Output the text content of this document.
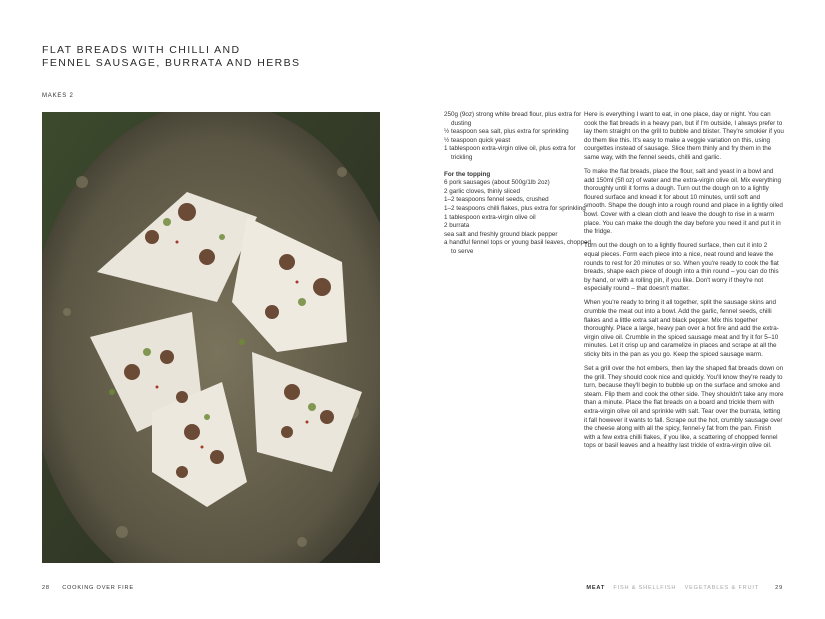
FLAT BREADS WITH CHILLI AND
FENNEL SAUSAGE, BURRATA AND HERBS
MAKES 2
250g (9oz) strong white bread flour, plus extra for dusting
½ teaspoon sea salt, plus extra for sprinkling
½ teaspoon quick yeast
1 tablespoon extra-virgin olive oil, plus extra for trickling
For the topping
6 pork sausages (about 500g/1lb 2oz)
2 garlic cloves, thinly sliced
1–2 teaspoons fennel seeds, crushed
1–2 teaspoons chilli flakes, plus extra for sprinkling
1 tablespoon extra-virgin olive oil
2 burrata
sea salt and freshly ground black pepper
a handful fennel tops or young basil leaves, chopped, to serve

Here is everything I want to eat, in one place, day or night. You can cook the flat breads in a heavy pan, but if I'm outside, I always prefer to lay them straight on the grill to bubble and blister. They're smokier if you do them like this. It's easy to make a veggie variation on this, using courgettes instead of sausage. Slice them thinly and fry them in the same way, with the fennel seeds, chilli and garlic.

To make the flat breads, place the flour, salt and yeast in a bowl and add 150ml (5fl oz) of water and the extra-virgin olive oil. Mix everything thoroughly until it forms a dough. Turn out the dough on to a lightly floured surface and knead it for about 10 minutes, until soft and smooth. Shape the dough into a rough round and place in a lightly oiled bowl. Cover with a clean cloth and leave the dough to rise in a warm place. You can make the dough the day before you need it and put it in the fridge.

Turn out the dough on to a lightly floured surface, then cut it into 2 equal pieces. Form each piece into a nice, neat round and leave the rounds to rest for 20 minutes or so. When you're ready to cook the flat breads, shape each piece of dough into a thin round – you can do this by hand, or with a rolling pin, if you like. Don't worry if they're not especially round – that doesn't matter.

When you're ready to bring it all together, split the sausage skins and crumble the meat out into a bowl. Add the garlic, fennel seeds, chilli flakes and a little extra salt and black pepper. Mix this together thoroughly. Place a large, heavy pan over a hot fire and add the extra-virgin olive oil. Crumble in the spiced sausage meat and fry it for 5–10 minutes. Let it crisp up and caramelize in places and scrape at all the sticky bits in the pan as you go. Keep the spiced sausage warm.

Set a grill over the hot embers, then lay the shaped flat breads down on the grill. They should cook nice and quickly. You'll know they're ready to turn, because they'll begin to bubble up on the surface and smoke and steam. Flip them and cook the other side. They shouldn't take any more than a minute. Place the flat breads on a board and trickle them with extra-virgin olive oil and sprinkle with salt. Tear over the burrata, letting it fall however it wants to fall. Scrape out the hot, crumbly sausage over the cheese along with all the spicy, fennel-y fat from the pan. Finish with a few extra chilli flakes, if you like, a scattering of chopped fennel tops or basil leaves and a healthy last trickle of extra-virgin olive oil.

28 COOKING OVER FIRE	MEAT FISH & SHELLFISH VEGETABLES & FRUIT	29
